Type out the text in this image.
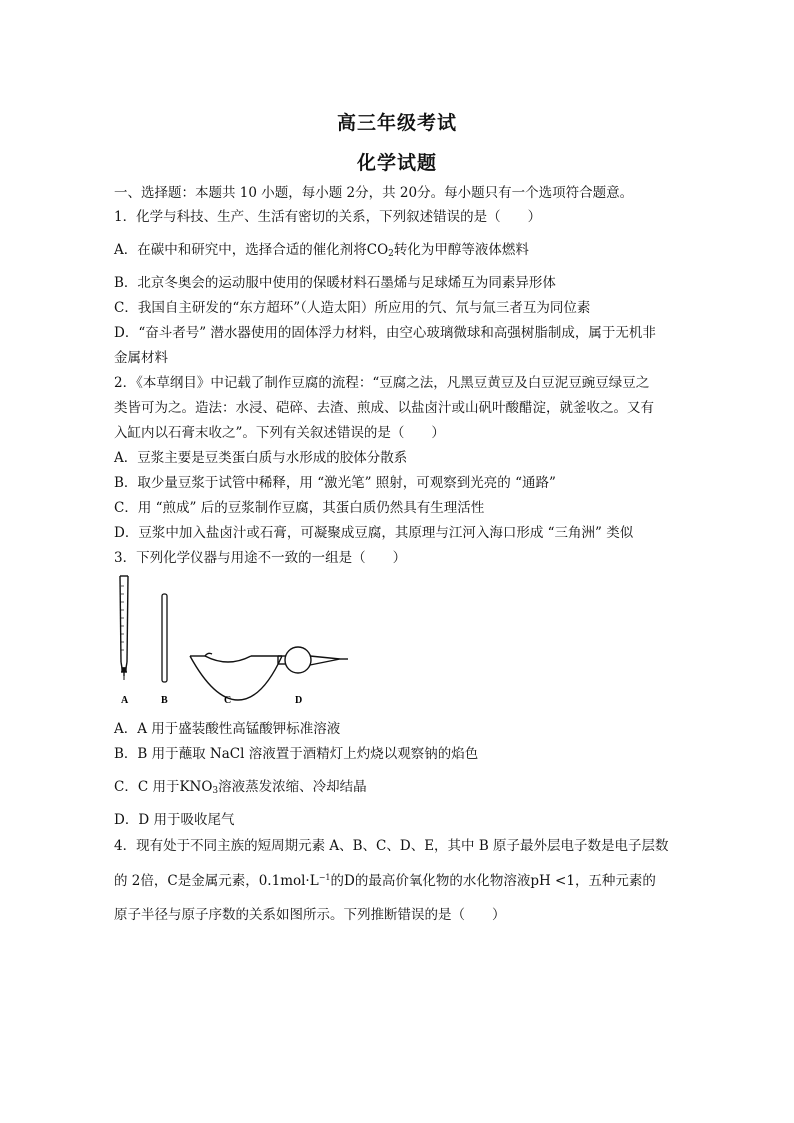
高三年级考试
化学试题
一、选择题：本题共 10 小题，每小题 2分，共 20分。每小题只有一个选项符合题意。
1．化学与科技、生产、生活有密切的关系，下列叙述错误的是（　　）
A．在碳中和研究中，选择合适的催化剂将$CO_2$转化为甲醇等液体燃料
B．北京冬奥会的运动服中使用的保暖材料石墨烯与足球烯互为同素异形体
C．我国自主研发的“东方超环”（人造太阳）所应用的氕、氘与氚三者互为同位素
D．“奋斗者号” 潜水器使用的固体浮力材料，由空心玻璃微球和高强树脂制成，属于无机非
金属材料
2．《本草纲目》中记载了制作豆腐的流程：“豆腐之法，凡黑豆黄豆及白豆泥豆豌豆绿豆之
类皆可为之。造法：水浸、硙碎、去渣、煎成、以盐卤汁或山矾叶酸醋淀，就釜收之。又有
入缸内以石膏末收之”。下列有关叙述错误的是（　　）
A．豆浆主要是豆类蛋白质与水形成的胶体分散系
B．取少量豆浆于试管中稀释，用 “激光笔” 照射，可观察到光亮的 “通路”
C．用 “煎成” 后的豆浆制作豆腐，其蛋白质仍然具有生理活性
D．豆浆中加入盐卤汁或石膏，可凝聚成豆腐，其原理与江河入海口形成 “三角洲” 类似
3．下列化学仪器与用途不一致的一组是（　　）
A	B	C	D
A．A 用于盛装酸性高锰酸钾标准溶液
B．B 用于蘸取 NaCl 溶液置于酒精灯上灼烧以观察钠的焰色
C．C 用于$KNO_3$溶液蒸发浓缩、冷却结晶
D．D 用于吸收尾气
4．现有处于不同主族的短周期元素 A、B、C、D、E，其中 B 原子最外层电子数是电子层数
的 2倍，C是金属元素，$0.1mol\cdot L^{-1}$的D的最高价氧化物的水化物溶液pH <1，五种元素的
原子半径与原子序数的关系如图所示。下列推断错误的是（　　）
